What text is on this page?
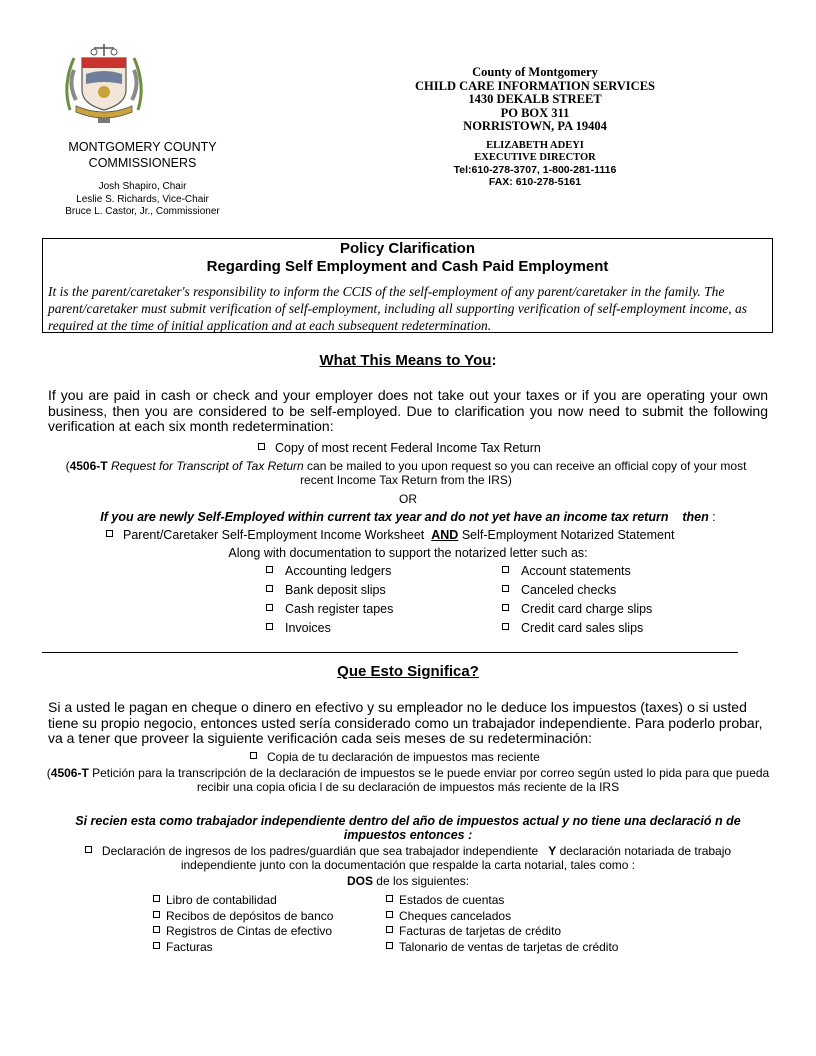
County of Montgomery
CHILD CARE INFORMATION SERVICES
1430 DEKALB STREET
PO BOX 311
NORRISTOWN, PA 19404
ELIZABETH ADEYI
EXECUTIVE DIRECTOR
Tel:610-278-3707, 1-800-281-1116
FAX: 610-278-5161
MONTGOMERY COUNTY
COMMISSIONERS
Josh Shapiro, Chair
Leslie S. Richards, Vice-Chair
Bruce L. Castor, Jr., Commissioner
Policy Clarification
Regarding Self Employment and Cash Paid Employment
It is the parent/caretaker's responsibility to inform the CCIS of the self-employment of any parent/caretaker in the family. The parent/caretaker must submit verification of self-employment, including all supporting verification of self-employment income, as required at the time of initial application and at each subsequent redetermination.
What This Means to You:
If you are paid in cash or check and your employer does not take out your taxes or if you are operating your own business, then you are considered to be self-employed. Due to clarification you now need to submit the following verification at each six month redetermination:
Copy of most recent Federal Income Tax Return
(4506-T Request for Transcript of Tax Return can be mailed to you upon request so you can receive an official copy of your most recent Income Tax Return from the IRS)
OR
If you are newly Self-Employed within current tax year and do not yet have an income tax return then :
Parent/Caretaker Self-Employment Income Worksheet AND Self-Employment Notarized Statement
Along with documentation to support the notarized letter such as:
Accounting ledgers
Bank deposit slips
Cash register tapes
Invoices
Account statements
Canceled checks
Credit card charge slips
Credit card sales slips
Que Esto Significa?
Si a usted le pagan en cheque o dinero en efectivo y su empleador no le deduce los impuestos (taxes) o si usted tiene su propio negocio, entonces usted sería considerado como un trabajador independiente. Para poderlo probar, va a tener que proveer la siguiente verificación cada seis meses de su redeterminación:
Copia de tu declaración de impuestos mas reciente
(4506-T Petición para la transcripción de la declaración de impuestos se le puede enviar por correo según usted lo pida para que pueda recibir una copia oficia l de su declaración de impuestos más reciente de la IRS
Si recien esta como trabajador independiente dentro del año de impuestos actual y no tiene una declaració n de impuestos entonces :
Declaración de ingresos de los padres/guardián que sea trabajador independiente Y declaración notariada de trabajo independiente junto con la documentación que respalde la carta notarial, tales como :
DOS de los siguientes:
Libro de contabilidad
Recibos de depósitos de banco
Registros de Cintas de efectivo
Facturas
Estados de cuentas
Cheques cancelados
Facturas de tarjetas de crédito
Talonario de ventas de tarjetas de crédito
